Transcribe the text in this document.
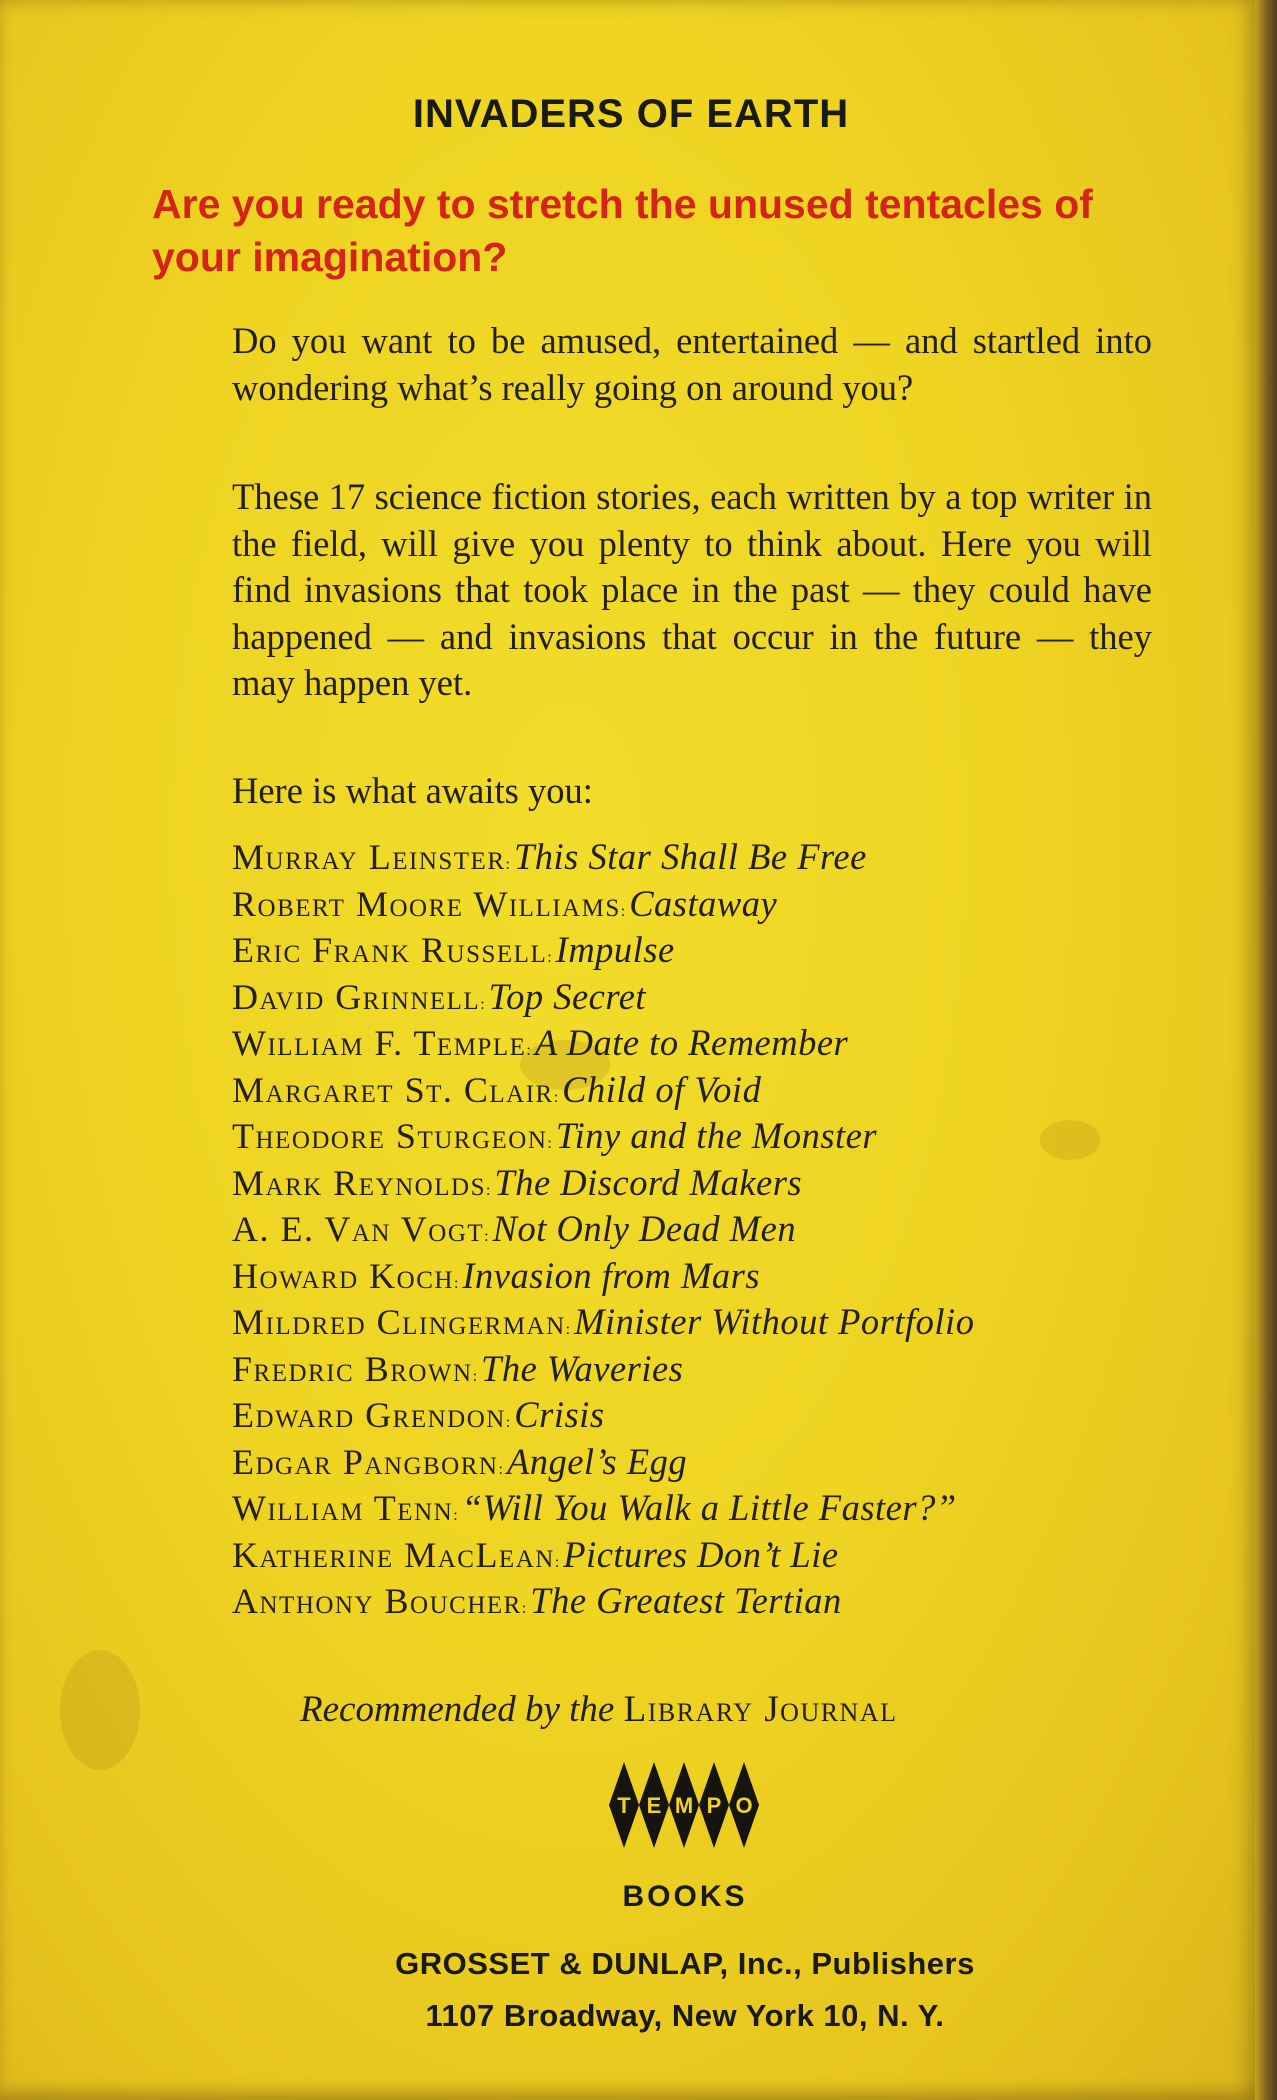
INVADERS OF EARTH
Are you ready to stretch the unused tentacles of your imagination?
Do you want to be amused, entertained — and startled into wondering what’s really going on around you?
These 17 science fiction stories, each written by a top writer in the field, will give you plenty to think about. Here you will find invasions that took place in the past — they could have happened — and invasions that occur in the future — they may happen yet.
Here is what awaits you:
Murray Leinster: This Star Shall Be Free
Robert Moore Williams: Castaway
Eric Frank Russell: Impulse
David Grinnell: Top Secret
William F. Temple: A Date to Remember
Margaret St. Clair: Child of Void
Theodore Sturgeon: Tiny and the Monster
Mark Reynolds: The Discord Makers
A. E. Van Vogt: Not Only Dead Men
Howard Koch: Invasion from Mars
Mildred Clingerman: Minister Without Portfolio
Fredric Brown: The Waveries
Edward Grendon: Crisis
Edgar Pangborn: Angel’s Egg
William Tenn: “Will You Walk a Little Faster?”
Katherine MacLean: Pictures Don’t Lie
Anthony Boucher: The Greatest Tertian
Recommended by the Library Journal
T E M P O
BOOKS
GROSSET & DUNLAP, Inc., Publishers
1107 Broadway, New York 10, N. Y.
